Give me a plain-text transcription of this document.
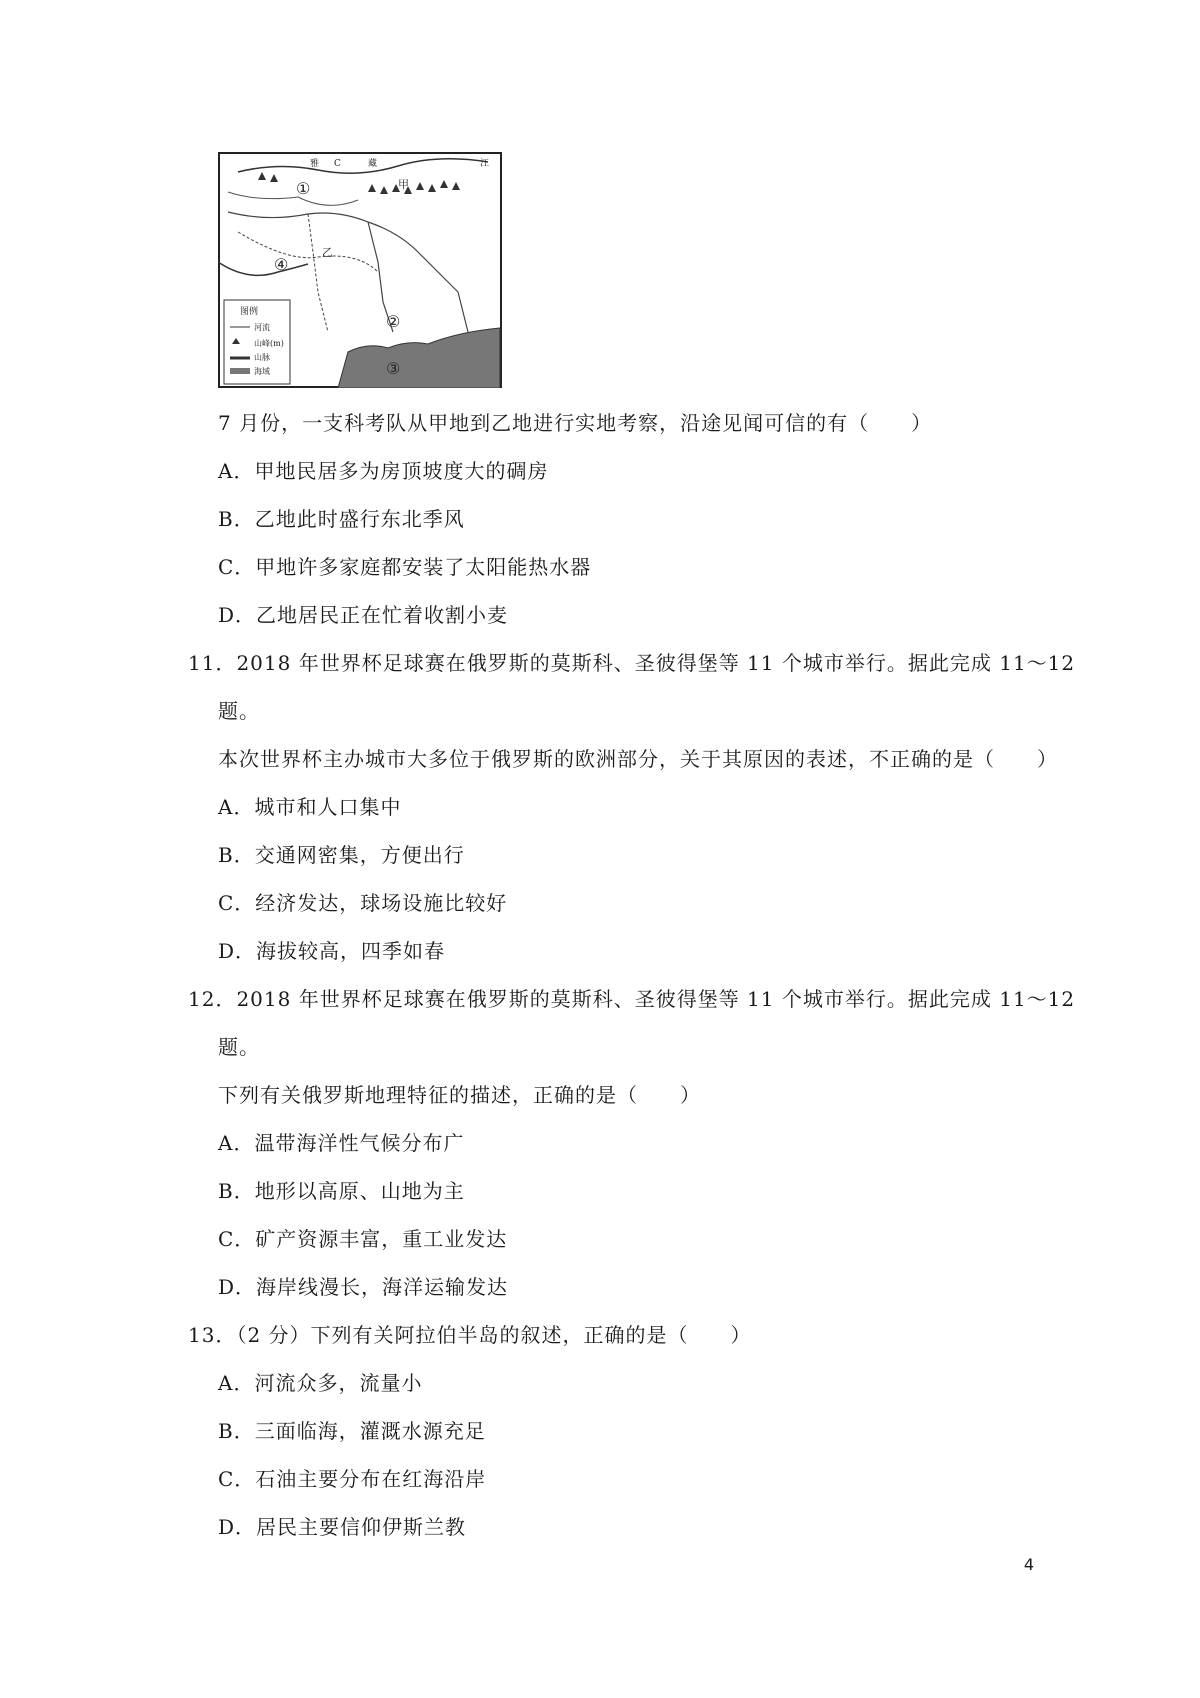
图例
河流
山峰(m)
山脉
海域
C	藏
雅	江
甲
①
②
③
④
乙
7 月份，一支科考队从甲地到乙地进行实地考察，沿途见闻可信的有（　　）
A．甲地民居多为房顶坡度大的碉房
B．乙地此时盛行东北季风
C．甲地许多家庭都安装了太阳能热水器
D．乙地居民正在忙着收割小麦
11．2018 年世界杯足球赛在俄罗斯的莫斯科、圣彼得堡等 11 个城市举行。据此完成 11～12
题。
本次世界杯主办城市大多位于俄罗斯的欧洲部分，关于其原因的表述，不正确的是（　　）
A．城市和人口集中
B．交通网密集，方便出行
C．经济发达，球场设施比较好
D．海拔较高，四季如春
12．2018 年世界杯足球赛在俄罗斯的莫斯科、圣彼得堡等 11 个城市举行。据此完成 11～12
题。
下列有关俄罗斯地理特征的描述，正确的是（　　）
A．温带海洋性气候分布广
B．地形以高原、山地为主
C．矿产资源丰富，重工业发达
D．海岸线漫长，海洋运输发达
13．（2 分）下列有关阿拉伯半岛的叙述，正确的是（　　）
A．河流众多，流量小
B．三面临海，灌溉水源充足
C．石油主要分布在红海沿岸
D．居民主要信仰伊斯兰教
4
